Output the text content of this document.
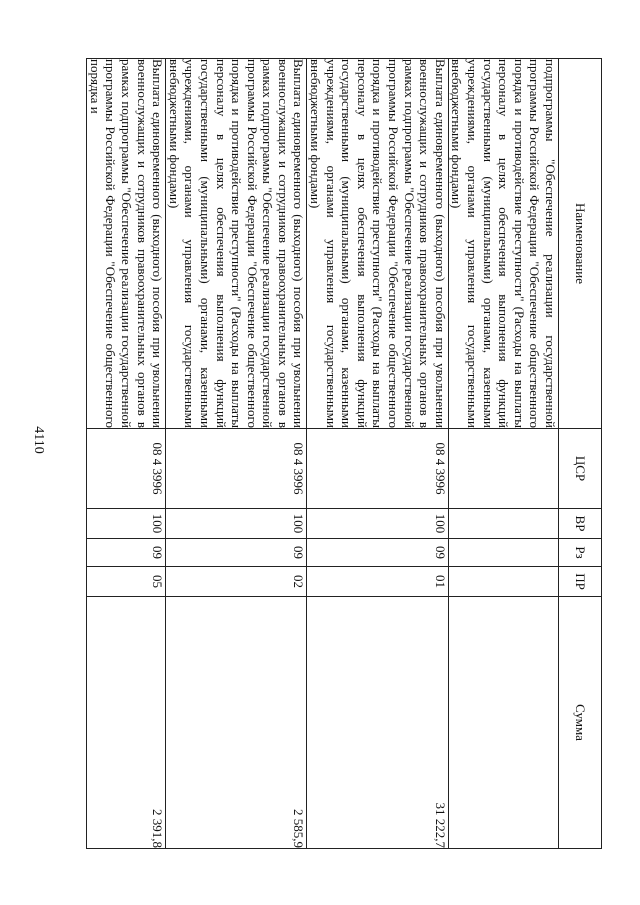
4110
Наименование	ЦСР	ВР	Рз	ПР	Сумма
подпрограммы "Обеспечение реализации государственной программы Российской Федерации "Обеспечение общественного порядка и противодействие преступности" (Расходы на выплаты персоналу в целях обеспечения выполнения функций государственными (муниципальными) органами, казенными учреждениями, органами управления государственными внебюджетными фондами)					
Выплата единовременного (выходного) пособия при увольнении военнослужащих и сотрудников правоохранительных органов в рамках подпрограммы "Обеспечение реализации государственной программы Российской Федерации "Обеспечение общественного порядка и противодействие преступности" (Расходы на выплаты персоналу в целях обеспечения выполнения функций государственными (муниципальными) органами, казенными учреждениями, органами управления государственными внебюджетными фондами)	08 4 3996	100	09	01	31 222,7
Выплата единовременного (выходного) пособия при увольнении военнослужащих и сотрудников правоохранительных органов в рамках подпрограммы "Обеспечение реализации государственной программы Российской Федерации "Обеспечение общественного порядка и противодействие преступности" (Расходы на выплаты персоналу в целях обеспечения выполнения функций государственными (муниципальными) органами, казенными учреждениями, органами управления государственными внебюджетными фондами)	08 4 3996	100	09	02	2 585,9
Выплата единовременного (выходного) пособия при увольнении военнослужащих и сотрудников правоохранительных органов в рамках подпрограммы "Обеспечение реализации государственной программы Российской Федерации "Обеспечение общественного порядка и	08 4 3996	100	09	05	2 391,8
